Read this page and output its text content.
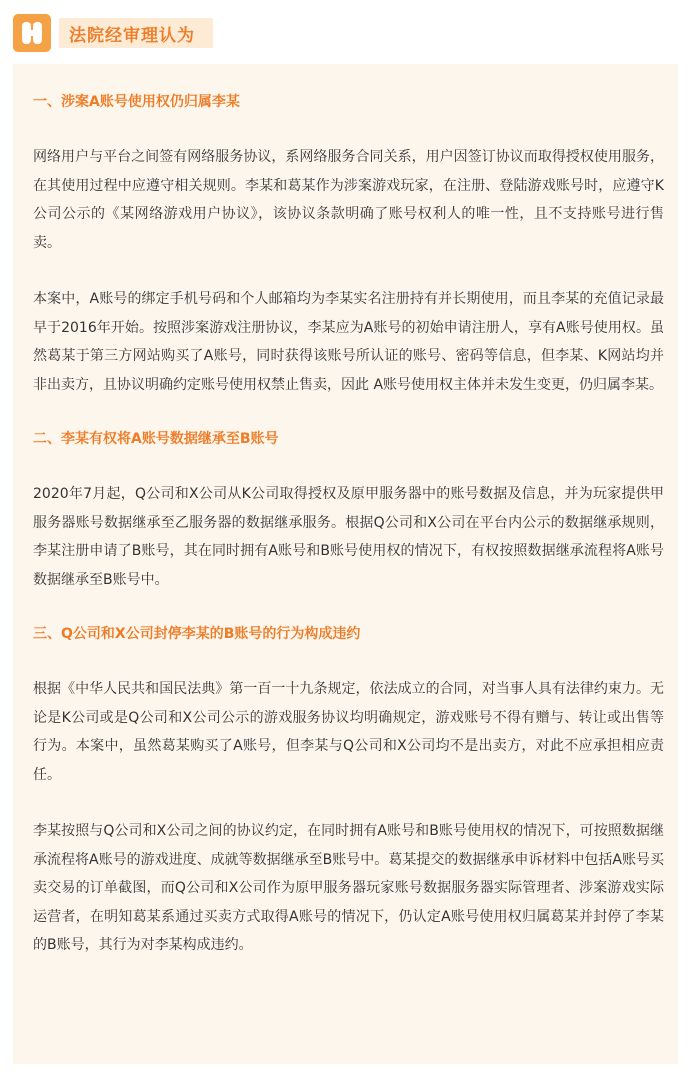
法院经审理认为

一、涉案A账号使用权仍归属李某

网络用户与平台之间签有网络服务协议，系网络服务合同关系，用户因签订协议而取得授权使用服务，在其使用过程中应遵守相关规则。李某和葛某作为涉案游戏玩家，在注册、登陆游戏账号时，应遵守K公司公示的《某网络游戏用户协议》，该协议条款明确了账号权利人的唯一性，且不支持账号进行售卖。

本案中，A账号的绑定手机号码和个人邮箱均为李某实名注册持有并长期使用，而且李某的充值记录最早于2016年开始。按照涉案游戏注册协议，李某应为A账号的初始申请注册人，享有A账号使用权。虽然葛某于第三方网站购买了A账号，同时获得该账号所认证的账号、密码等信息，但李某、K网站均并非出卖方，且协议明确约定账号使用权禁止售卖，因此 A账号使用权主体并未发生变更，仍归属李某。

二、李某有权将A账号数据继承至B账号

2020年7月起，Q公司和X公司从K公司取得授权及原甲服务器中的账号数据及信息，并为玩家提供甲服务器账号数据继承至乙服务器的数据继承服务。根据Q公司和X公司在平台内公示的数据继承规则，李某注册申请了B账号，其在同时拥有A账号和B账号使用权的情况下，有权按照数据继承流程将A账号数据继承至B账号中。

三、Q公司和X公司封停李某的B账号的行为构成违约

根据《中华人民共和国民法典》第一百一十九条规定，依法成立的合同，对当事人具有法律约束力。无论是K公司或是Q公司和X公司公示的游戏服务协议均明确规定，游戏账号不得有赠与、转让或出售等行为。本案中，虽然葛某购买了A账号，但李某与Q公司和X公司均不是出卖方，对此不应承担相应责任。

李某按照与Q公司和X公司之间的协议约定，在同时拥有A账号和B账号使用权的情况下，可按照数据继承流程将A账号的游戏进度、成就等数据继承至B账号中。葛某提交的数据继承申诉材料中包括A账号买卖交易的订单截图，而Q公司和X公司作为原甲服务器玩家账号数据服务器实际管理者、涉案游戏实际运营者，在明知葛某系通过买卖方式取得A账号的情况下，仍认定A账号使用权归属葛某并封停了李某的B账号，其行为对李某构成违约。
